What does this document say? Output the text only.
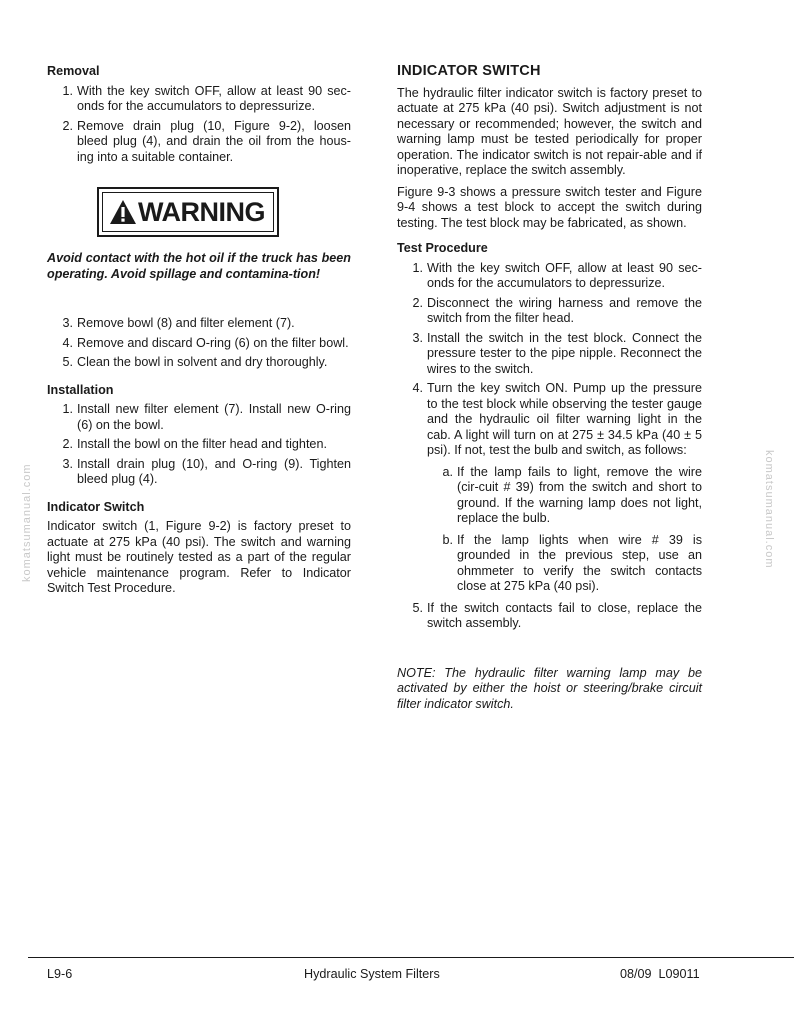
komatsumanual.com	komatsumanual.com
Removal
1. With the key switch OFF, allow at least 90 sec-onds for the accumulators to depressurize.
2. Remove drain plug (10, Figure 9-2), loosen bleed plug (4), and drain the oil from the hous-ing into a suitable container.
WARNING

Avoid contact with the hot oil if the truck has been operating. Avoid spillage and contamina-tion!

3. Remove bowl (8) and filter element (7).
4. Remove and discard O-ring (6) on the filter bowl.
5. Clean the bowl in solvent and dry thoroughly.
Installation
1. Install new filter element (7). Install new O-ring (6) on the bowl.
2. Install the bowl on the filter head and tighten.
3. Install drain plug (10), and O-ring (9). Tighten bleed plug (4).
Indicator Switch

Indicator switch (1, Figure 9-2) is factory preset to actuate at 275 kPa (40 psi). The switch and warning light must be routinely tested as a part of the regular vehicle maintenance program. Refer to Indicator Switch Test Procedure.

INDICATOR SWITCH

The hydraulic filter indicator switch is factory preset to actuate at 275 kPa (40 psi). Switch adjustment is not necessary or recommended; however, the switch and warning lamp must be tested periodically for proper operation. The indicator switch is not repair-able and if inoperative, replace the switch assembly.

Figure 9-3 shows a pressure switch tester and Figure 9-4 shows a test block to accept the switch during testing. The test block may be fabricated, as shown.

Test Procedure
1. With the key switch OFF, allow at least 90 sec-onds for the accumulators to depressurize.
2. Disconnect the wiring harness and remove the switch from the filter head.
3. Install the switch in the test block. Connect the pressure tester to the pipe nipple. Reconnect the wires to the switch.
4. Turn the key switch ON. Pump up the pressure to the test block while observing the tester gauge and the hydraulic oil filter warning light in the cab. A light will turn on at 275 ± 34.5 kPa (40 ± 5 psi). If not, test the bulb and switch, as follows:
a. If the lamp fails to light, remove the wire (cir-cuit # 39) from the switch and short to ground. If the warning lamp does not light, replace the bulb.
b. If the lamp lights when wire # 39 is grounded in the previous step, use an ohmmeter to verify the switch contacts close at 275 kPa (40 psi).
5. If the switch contacts fail to close, replace the switch assembly.

NOTE: The hydraulic filter warning lamp may be activated by either the hoist or steering/brake circuit filter indicator switch.

L9-6	Hydraulic System Filters	08/09  L09011
